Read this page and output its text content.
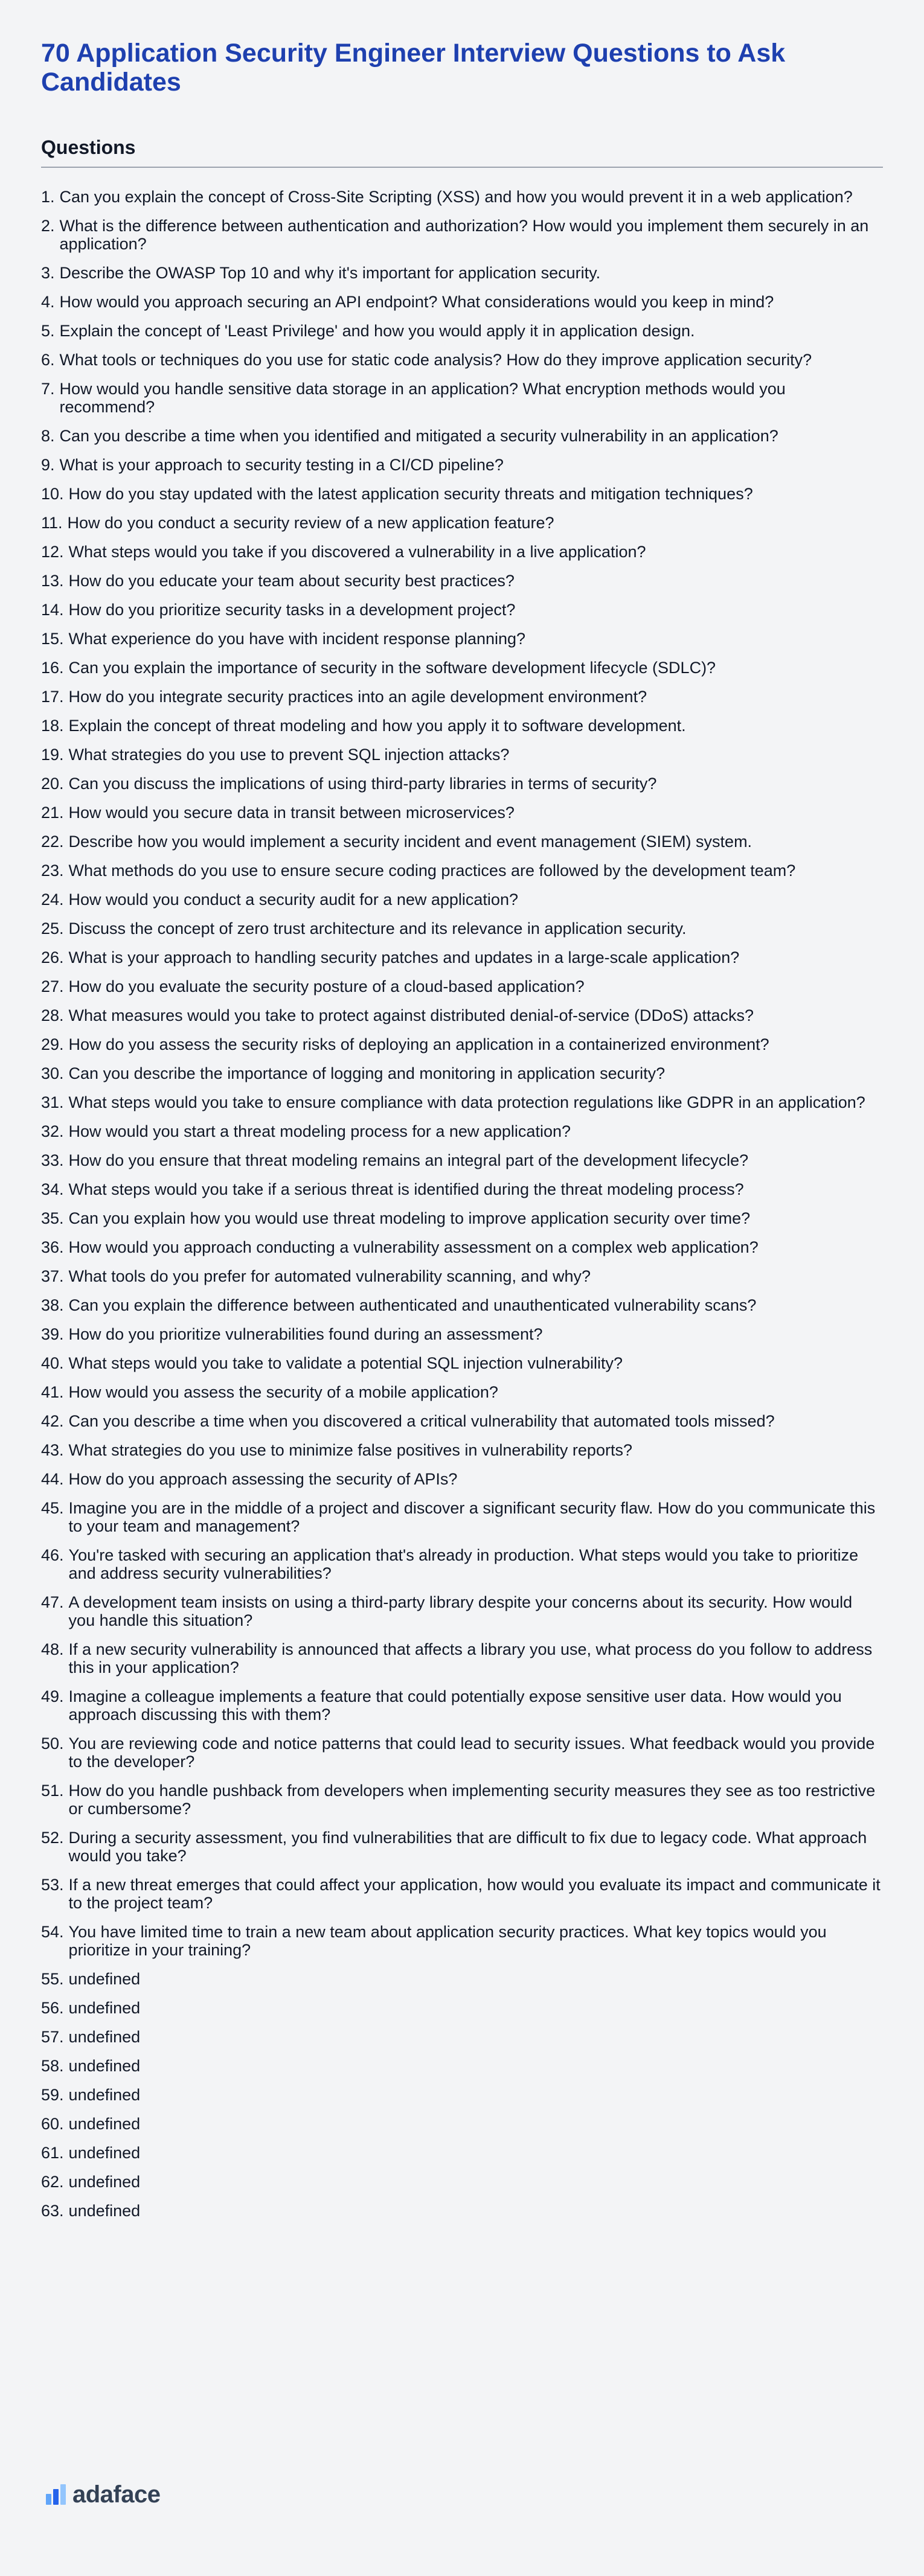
70 Application Security Engineer Interview Questions to Ask Candidates
Questions
1. Can you explain the concept of Cross-Site Scripting (XSS) and how you would prevent it in a web application?
2. What is the difference between authentication and authorization? How would you implement them securely in an application?
3. Describe the OWASP Top 10 and why it's important for application security.
4. How would you approach securing an API endpoint? What considerations would you keep in mind?
5. Explain the concept of 'Least Privilege' and how you would apply it in application design.
6. What tools or techniques do you use for static code analysis? How do they improve application security?
7. How would you handle sensitive data storage in an application? What encryption methods would you recommend?
8. Can you describe a time when you identified and mitigated a security vulnerability in an application?
9. What is your approach to security testing in a CI/CD pipeline?
10. How do you stay updated with the latest application security threats and mitigation techniques?
11. How do you conduct a security review of a new application feature?
12. What steps would you take if you discovered a vulnerability in a live application?
13. How do you educate your team about security best practices?
14. How do you prioritize security tasks in a development project?
15. What experience do you have with incident response planning?
16. Can you explain the importance of security in the software development lifecycle (SDLC)?
17. How do you integrate security practices into an agile development environment?
18. Explain the concept of threat modeling and how you apply it to software development.
19. What strategies do you use to prevent SQL injection attacks?
20. Can you discuss the implications of using third-party libraries in terms of security?
21. How would you secure data in transit between microservices?
22. Describe how you would implement a security incident and event management (SIEM) system.
23. What methods do you use to ensure secure coding practices are followed by the development team?
24. How would you conduct a security audit for a new application?
25. Discuss the concept of zero trust architecture and its relevance in application security.
26. What is your approach to handling security patches and updates in a large-scale application?
27. How do you evaluate the security posture of a cloud-based application?
28. What measures would you take to protect against distributed denial-of-service (DDoS) attacks?
29. How do you assess the security risks of deploying an application in a containerized environment?
30. Can you describe the importance of logging and monitoring in application security?
31. What steps would you take to ensure compliance with data protection regulations like GDPR in an application?
32. How would you start a threat modeling process for a new application?
33. How do you ensure that threat modeling remains an integral part of the development lifecycle?
34. What steps would you take if a serious threat is identified during the threat modeling process?
35. Can you explain how you would use threat modeling to improve application security over time?
36. How would you approach conducting a vulnerability assessment on a complex web application?
37. What tools do you prefer for automated vulnerability scanning, and why?
38. Can you explain the difference between authenticated and unauthenticated vulnerability scans?
39. How do you prioritize vulnerabilities found during an assessment?
40. What steps would you take to validate a potential SQL injection vulnerability?
41. How would you assess the security of a mobile application?
42. Can you describe a time when you discovered a critical vulnerability that automated tools missed?
43. What strategies do you use to minimize false positives in vulnerability reports?
44. How do you approach assessing the security of APIs?
45. Imagine you are in the middle of a project and discover a significant security flaw. How do you communicate this to your team and management?
46. You're tasked with securing an application that's already in production. What steps would you take to prioritize and address security vulnerabilities?
47. A development team insists on using a third-party library despite your concerns about its security. How would you handle this situation?
48. If a new security vulnerability is announced that affects a library you use, what process do you follow to address this in your application?
49. Imagine a colleague implements a feature that could potentially expose sensitive user data. How would you approach discussing this with them?
50. You are reviewing code and notice patterns that could lead to security issues. What feedback would you provide to the developer?
51. How do you handle pushback from developers when implementing security measures they see as too restrictive or cumbersome?
52. During a security assessment, you find vulnerabilities that are difficult to fix due to legacy code. What approach would you take?
53. If a new threat emerges that could affect your application, how would you evaluate its impact and communicate it to the project team?
54. You have limited time to train a new team about application security practices. What key topics would you prioritize in your training?
55. undefined
56. undefined
57. undefined
58. undefined
59. undefined
60. undefined
61. undefined
62. undefined
63. undefined
adaface
